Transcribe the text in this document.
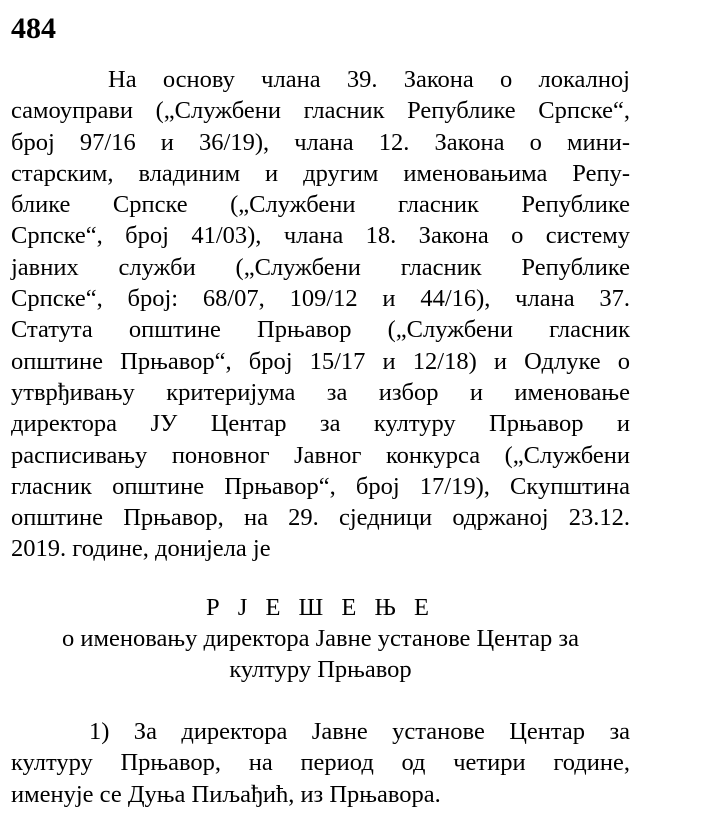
484
На основу члана 39. Закона о локалној
самоуправи („Службени гласник Републике Српске“,
број 97/16 и 36/19), члана 12. Закона о мини-
старским, владиним и другим именовањима Репу-
блике Српске („Службени гласник Републике
Српске“, број 41/03), члана 18. Закона о систему
јавних служби („Службени гласник Републике
Српске“, број: 68/07, 109/12 и 44/16), члана 37.
Статута општине Прњавор („Службени гласник
општине Прњавор“, број 15/17 и 12/18) и Одлуке о
утврђивању критеријума за избор и именовање
директора ЈУ Центар за културу Прњавор и
расписивању поновног Јавног конкурса („Службени
гласник општине Прњавор“, број 17/19), Скупштина
општине Прњавор, на 29. сједници одржаној 23.12.
2019. године, донијела је
Р Ј Е Ш Е Њ Е
о именовању директора Јавне установе Центар за
културу Прњавор
1) За директора Јавне установе Центар за
културу Прњавор, на период од четири године,
именује се Дуња Пиљађић, из Прњавора.
